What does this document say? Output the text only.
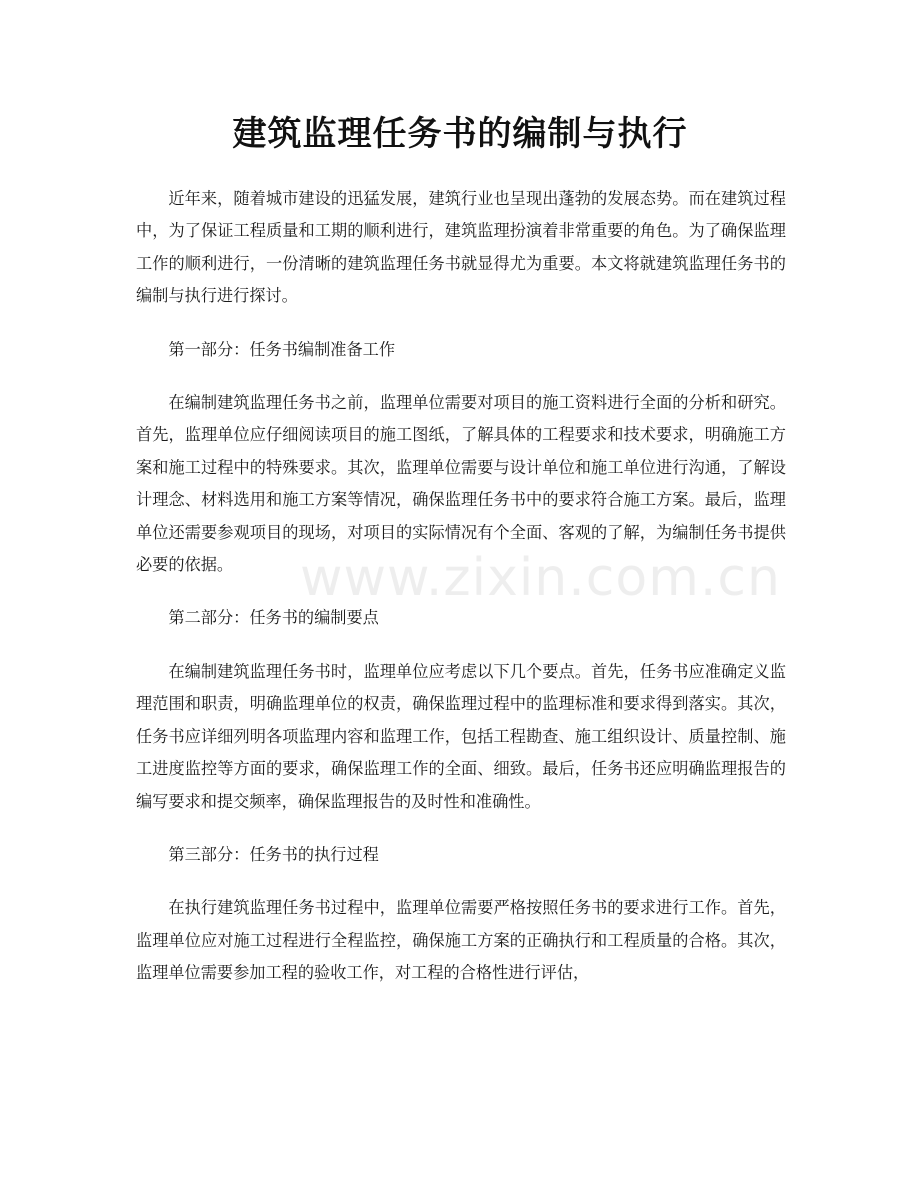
建筑监理任务书的编制与执行

近年来，随着城市建设的迅猛发展，建筑行业也呈现出蓬勃的发展态势。而在建筑过程中，为了保证工程质量和工期的顺利进行，建筑监理扮演着非常重要的角色。为了确保监理工作的顺利进行，一份清晰的建筑监理任务书就显得尤为重要。本文将就建筑监理任务书的编制与执行进行探讨。

第一部分：任务书编制准备工作

在编制建筑监理任务书之前，监理单位需要对项目的施工资料进行全面的分析和研究。首先，监理单位应仔细阅读项目的施工图纸，了解具体的工程要求和技术要求，明确施工方案和施工过程中的特殊要求。其次，监理单位需要与设计单位和施工单位进行沟通，了解设计理念、材料选用和施工方案等情况，确保监理任务书中的要求符合施工方案。最后，监理单位还需要参观项目的现场，对项目的实际情况有个全面、客观的了解，为编制任务书提供必要的依据。

第二部分：任务书的编制要点

在编制建筑监理任务书时，监理单位应考虑以下几个要点。首先，任务书应准确定义监理范围和职责，明确监理单位的权责，确保监理过程中的监理标准和要求得到落实。其次，任务书应详细列明各项监理内容和监理工作，包括工程勘查、施工组织设计、质量控制、施工进度监控等方面的要求，确保监理工作的全面、细致。最后，任务书还应明确监理报告的编写要求和提交频率，确保监理报告的及时性和准确性。

第三部分：任务书的执行过程

在执行建筑监理任务书过程中，监理单位需要严格按照任务书的要求进行工作。首先，监理单位应对施工过程进行全程监控，确保施工方案的正确执行和工程质量的合格。其次，监理单位需要参加工程的验收工作，对工程的合格性进行评估，

www.zixin.com.cn
